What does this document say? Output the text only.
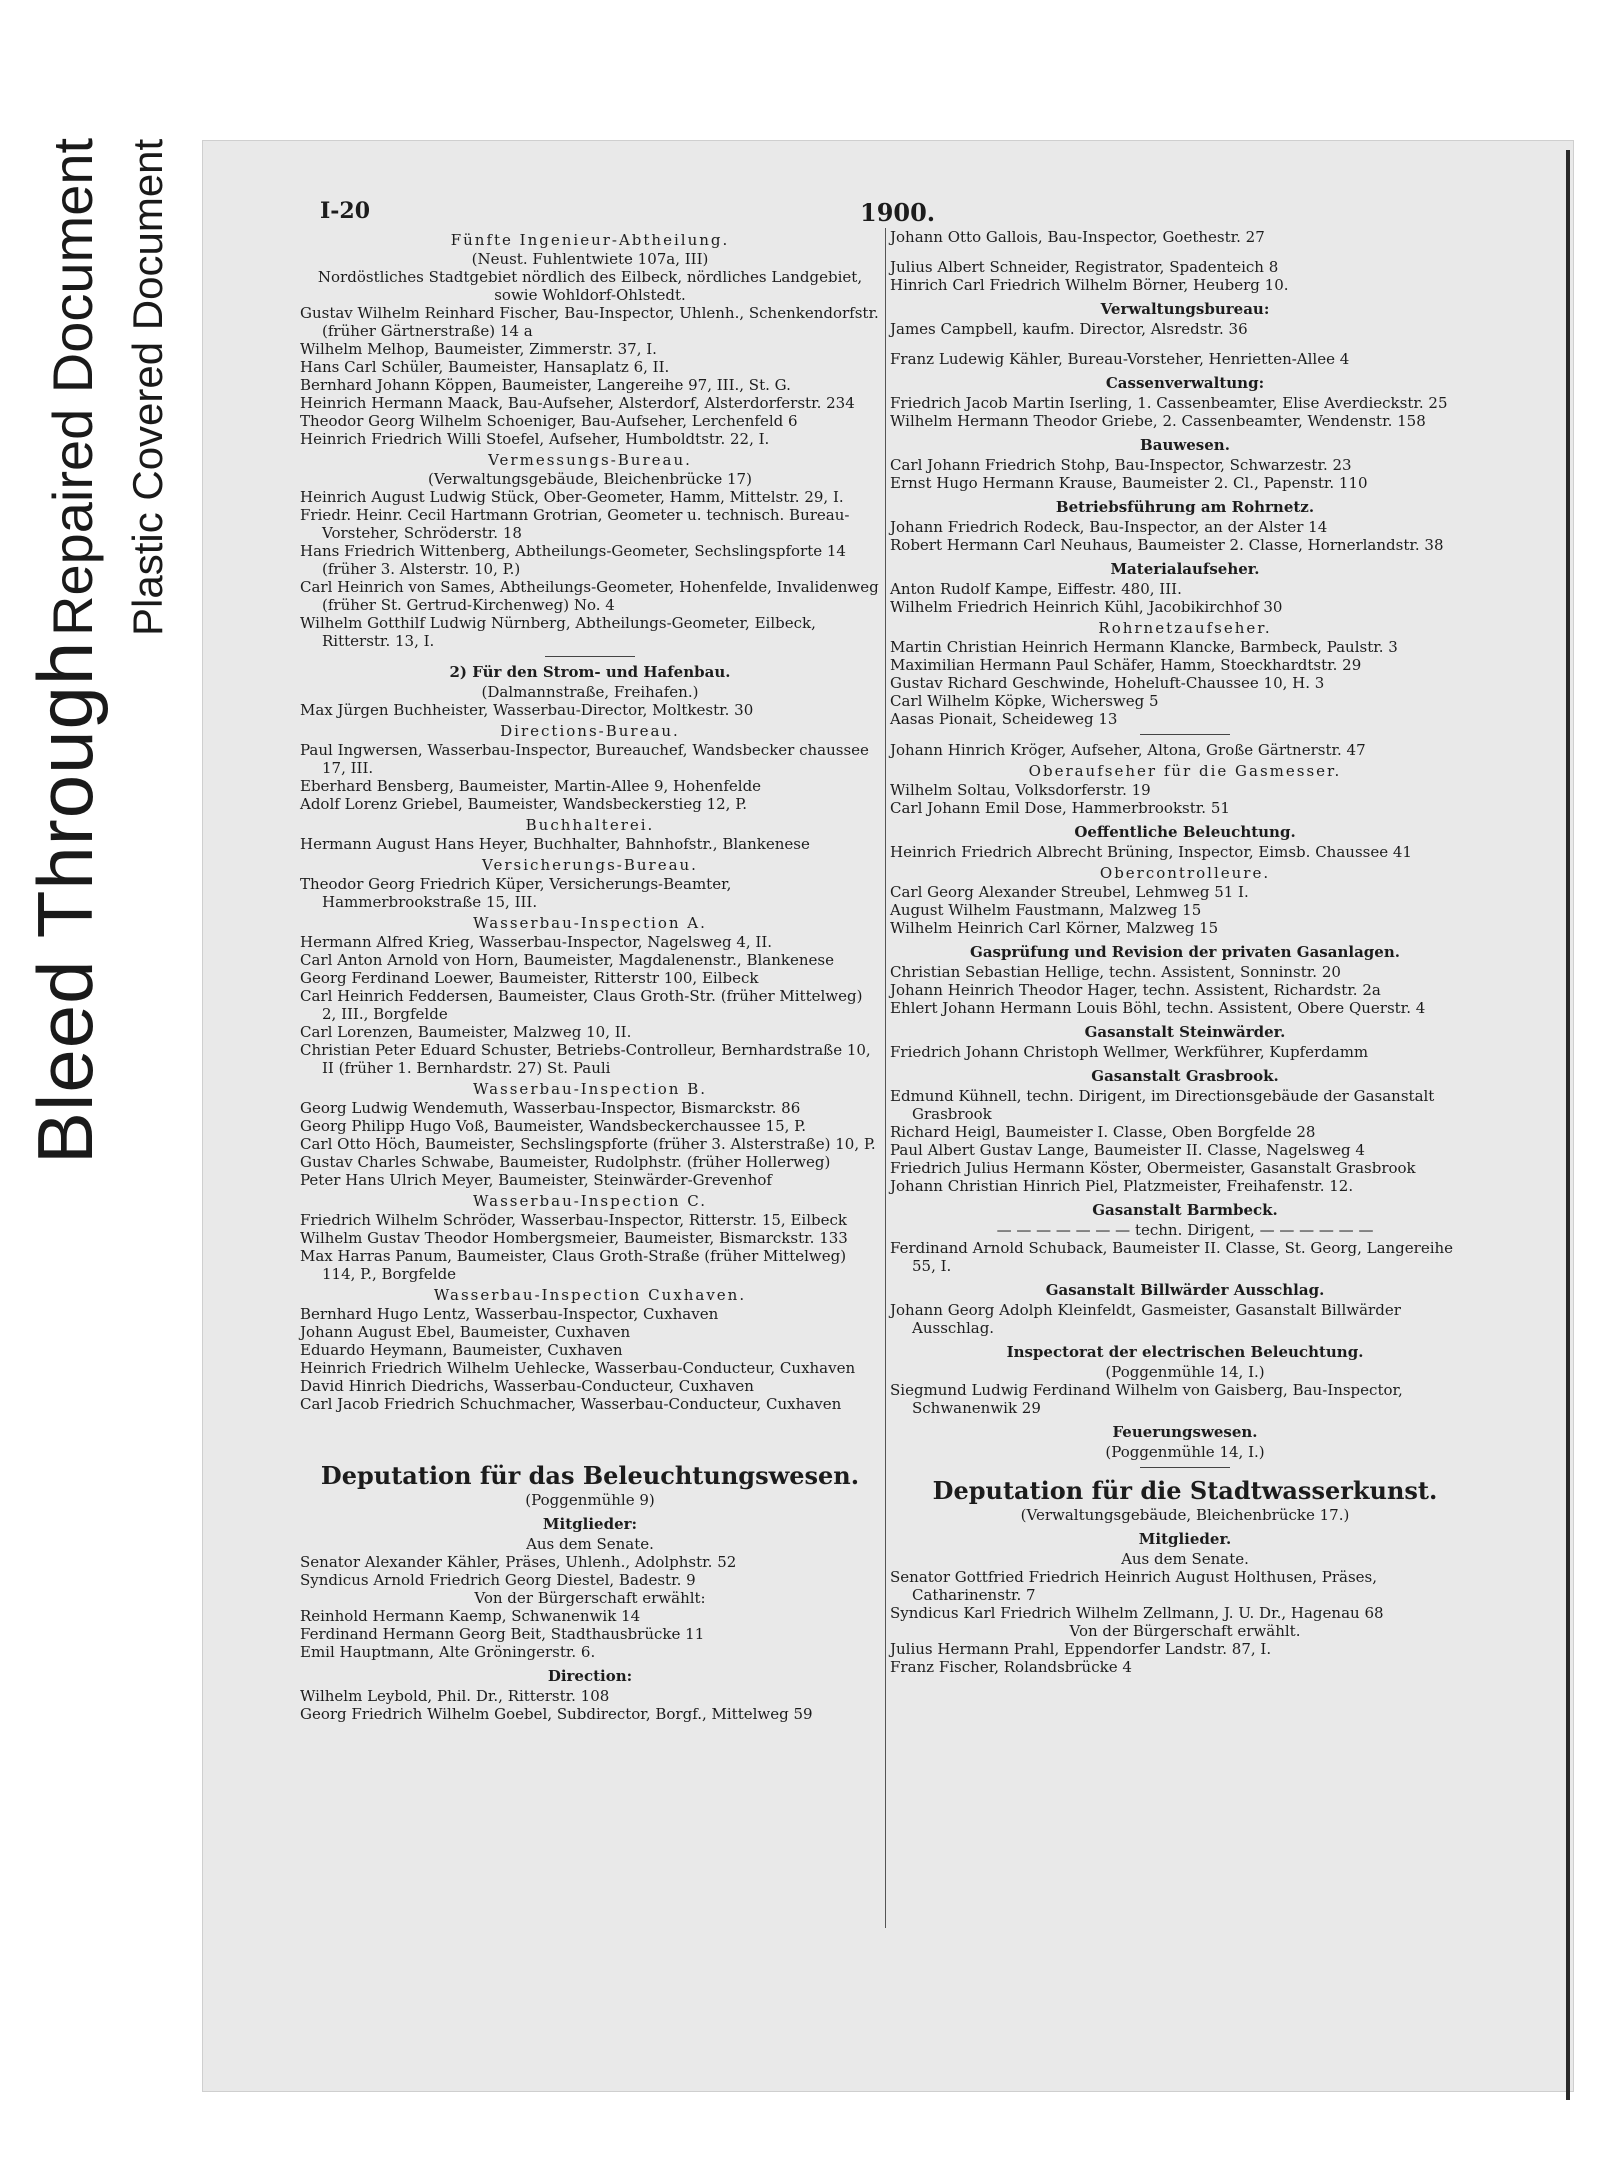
Bleed Through
Repaired Document Plastic Covered Document	I-20	1900.
Fünfte Ingenieur-Abtheilung.
(Neust. Fuhlentwiete 107a, III)
Nordöstliches Stadtgebiet nördlich des Eilbeck, nördliches Landgebiet, sowie Wohldorf-Ohlstedt.
Gustav Wilhelm Reinhard Fischer, Bau-Inspector, Uhlenh., Schenkendorfstr. (früher Gärtnerstraße) 14 a
Wilhelm Melhop, Baumeister, Zimmerstr. 37, I.
Hans Carl Schüler, Baumeister, Hansaplatz 6, II.
Bernhard Johann Köppen, Baumeister, Langereihe 97, III., St. G.
Heinrich Hermann Maack, Bau-Aufseher, Alsterdorf, Alsterdorferstr. 234
Theodor Georg Wilhelm Schoeniger, Bau-Aufseher, Lerchenfeld 6
Heinrich Friedrich Willi Stoefel, Aufseher, Humboldtstr. 22, I.
Vermessungs-Bureau.
(Verwaltungsgebäude, Bleichenbrücke 17)
Heinrich August Ludwig Stück, Ober-Geometer, Hamm, Mittelstr. 29, I.
Friedr. Heinr. Cecil Hartmann Grotrian, Geometer u. technisch. Bureau-Vorsteher, Schröderstr. 18
Hans Friedrich Wittenberg, Abtheilungs-Geometer, Sechslingspforte 14 (früher 3. Alsterstr. 10, P.)
Carl Heinrich von Sames, Abtheilungs-Geometer, Hohenfelde, Invalidenweg (früher St. Gertrud-Kirchenweg) No. 4
Wilhelm Gotthilf Ludwig Nürnberg, Abtheilungs-Geometer, Eilbeck, Ritterstr. 13, I.
2) Für den Strom- und Hafenbau.
(Dalmannstraße, Freihafen.)
Max Jürgen Buchheister, Wasserbau-Director, Moltkestr. 30
Directions-Bureau.
Paul Ingwersen, Wasserbau-Inspector, Bureauchef, Wandsbecker chaussee 17, III.
Eberhard Bensberg, Baumeister, Martin-Allee 9, Hohenfelde
Adolf Lorenz Griebel, Baumeister, Wandsbeckerstieg 12, P.
Buchhalterei.
Hermann August Hans Heyer, Buchhalter, Bahnhofstr., Blankenese
Versicherungs-Bureau.
Theodor Georg Friedrich Küper, Versicherungs-Beamter, Hammerbrookstraße 15, III.
Wasserbau-Inspection A.
Hermann Alfred Krieg, Wasserbau-Inspector, Nagelsweg 4, II.
Carl Anton Arnold von Horn, Baumeister, Magdalenenstr., Blankenese
Georg Ferdinand Loewer, Baumeister, Ritterstr 100, Eilbeck
Carl Heinrich Feddersen, Baumeister, Claus Groth-Str. (früher Mittelweg) 2, III., Borgfelde
Carl Lorenzen, Baumeister, Malzweg 10, II.
Christian Peter Eduard Schuster, Betriebs-Controlleur, Bernhardstraße 10, II (früher 1. Bernhardstr. 27) St. Pauli
Wasserbau-Inspection B.
Georg Ludwig Wendemuth, Wasserbau-Inspector, Bismarckstr. 86
Georg Philipp Hugo Voß, Baumeister, Wandsbeckerchaussee 15, P.
Carl Otto Höch, Baumeister, Sechslingspforte (früher 3. Alsterstraße) 10, P.
Gustav Charles Schwabe, Baumeister, Rudolphstr. (früher Hollerweg)
Peter Hans Ulrich Meyer, Baumeister, Steinwärder-Grevenhof
Wasserbau-Inspection C.
Friedrich Wilhelm Schröder, Wasserbau-Inspector, Ritterstr. 15, Eilbeck
Wilhelm Gustav Theodor Hombergsmeier, Baumeister, Bismarckstr. 133
Max Harras Panum, Baumeister, Claus Groth-Straße (früher Mittelweg) 114, P., Borgfelde
Wasserbau-Inspection Cuxhaven.
Bernhard Hugo Lentz, Wasserbau-Inspector, Cuxhaven
Johann August Ebel, Baumeister, Cuxhaven
Eduardo Heymann, Baumeister, Cuxhaven
Heinrich Friedrich Wilhelm Uehlecke, Wasserbau-Conducteur, Cuxhaven
David Hinrich Diedrichs, Wasserbau-Conducteur, Cuxhaven
Carl Jacob Friedrich Schuchmacher, Wasserbau-Conducteur, Cuxhaven
Deputation für das Beleuchtungswesen.
(Poggenmühle 9)
Mitglieder:
Aus dem Senate.
Senator Alexander Kähler, Präses, Uhlenh., Adolphstr. 52
Syndicus Arnold Friedrich Georg Diestel, Badestr. 9
Von der Bürgerschaft erwählt:
Reinhold Hermann Kaemp, Schwanenwik 14
Ferdinand Hermann Georg Beit, Stadthausbrücke 11
Emil Hauptmann, Alte Gröningerstr. 6.
Direction:
Wilhelm Leybold, Phil. Dr., Ritterstr. 108
Georg Friedrich Wilhelm Goebel, Subdirector, Borgf., Mittelweg 59
Johann Otto Gallois, Bau-Inspector, Goethestr. 27
Julius Albert Schneider, Registrator, Spadenteich 8
Hinrich Carl Friedrich Wilhelm Börner, Heuberg 10.
Verwaltungsbureau:
James Campbell, kaufm. Director, Alsredstr. 36
Franz Ludewig Kähler, Bureau-Vorsteher, Henrietten-Allee 4
Cassenverwaltung:
Friedrich Jacob Martin Iserling, 1. Cassenbeamter, Elise Averdieckstr. 25
Wilhelm Hermann Theodor Griebe, 2. Cassenbeamter, Wendenstr. 158
Bauwesen.
Carl Johann Friedrich Stohp, Bau-Inspector, Schwarzestr. 23
Ernst Hugo Hermann Krause, Baumeister 2. Cl., Papenstr. 110
Betriebsführung am Rohrnetz.
Johann Friedrich Rodeck, Bau-Inspector, an der Alster 14
Robert Hermann Carl Neuhaus, Baumeister 2. Classe, Hornerlandstr. 38
Materialaufseher.
Anton Rudolf Kampe, Eiffestr. 480, III.
Wilhelm Friedrich Heinrich Kühl, Jacobikirchhof 30
Rohrnetzaufseher.
Martin Christian Heinrich Hermann Klancke, Barmbeck, Paulstr. 3
Maximilian Hermann Paul Schäfer, Hamm, Stoeckhardtstr. 29
Gustav Richard Geschwinde, Hoheluft-Chaussee 10, H. 3
Carl Wilhelm Köpke, Wichersweg 5
Aasas Pionait, Scheideweg 13
Johann Hinrich Kröger, Aufseher, Altona, Große Gärtnerstr. 47
Oberaufseher für die Gasmesser.
Wilhelm Soltau, Volksdorferstr. 19
Carl Johann Emil Dose, Hammerbrookstr. 51
Oeffentliche Beleuchtung.
Heinrich Friedrich Albrecht Brüning, Inspector, Eimsb. Chaussee 41
Obercontrolleure.
Carl Georg Alexander Streubel, Lehmweg 51 I.
August Wilhelm Faustmann, Malzweg 15
Wilhelm Heinrich Carl Körner, Malzweg 15
Gasprüfung und Revision der privaten Gasanlagen.
Christian Sebastian Hellige, techn. Assistent, Sonninstr. 20
Johann Heinrich Theodor Hager, techn. Assistent, Richardstr. 2a
Ehlert Johann Hermann Louis Böhl, techn. Assistent, Obere Querstr. 4
Gasanstalt Steinwärder.
Friedrich Johann Christoph Wellmer, Werkführer, Kupferdamm
Gasanstalt Grasbrook.
Edmund Kühnell, techn. Dirigent, im Directionsgebäude der Gasanstalt Grasbrook
Richard Heigl, Baumeister I. Classe, Oben Borgfelde 28
Paul Albert Gustav Lange, Baumeister II. Classe, Nagelsweg 4
Friedrich Julius Hermann Köster, Obermeister, Gasanstalt Grasbrook
Johann Christian Hinrich Piel, Platzmeister, Freihafenstr. 12.
Gasanstalt Barmbeck.
— — — — — — — techn. Dirigent, — — — — — —
Ferdinand Arnold Schuback, Baumeister II. Classe, St. Georg, Langereihe 55, I.
Gasanstalt Billwärder Ausschlag.
Johann Georg Adolph Kleinfeldt, Gasmeister, Gasanstalt Billwärder Ausschlag.
Inspectorat der electrischen Beleuchtung.
(Poggenmühle 14, I.)
Siegmund Ludwig Ferdinand Wilhelm von Gaisberg, Bau-Inspector, Schwanenwik 29
Feuerungswesen.
(Poggenmühle 14, I.)
Deputation für die Stadtwasserkunst.
(Verwaltungsgebäude, Bleichenbrücke 17.)
Mitglieder.
Aus dem Senate.
Senator Gottfried Friedrich Heinrich August Holthusen, Präses, Catharinenstr. 7
Syndicus Karl Friedrich Wilhelm Zellmann, J. U. Dr., Hagenau 68
Von der Bürgerschaft erwählt.
Julius Hermann Prahl, Eppendorfer Landstr. 87, I.
Franz Fischer, Rolandsbrücke 4
